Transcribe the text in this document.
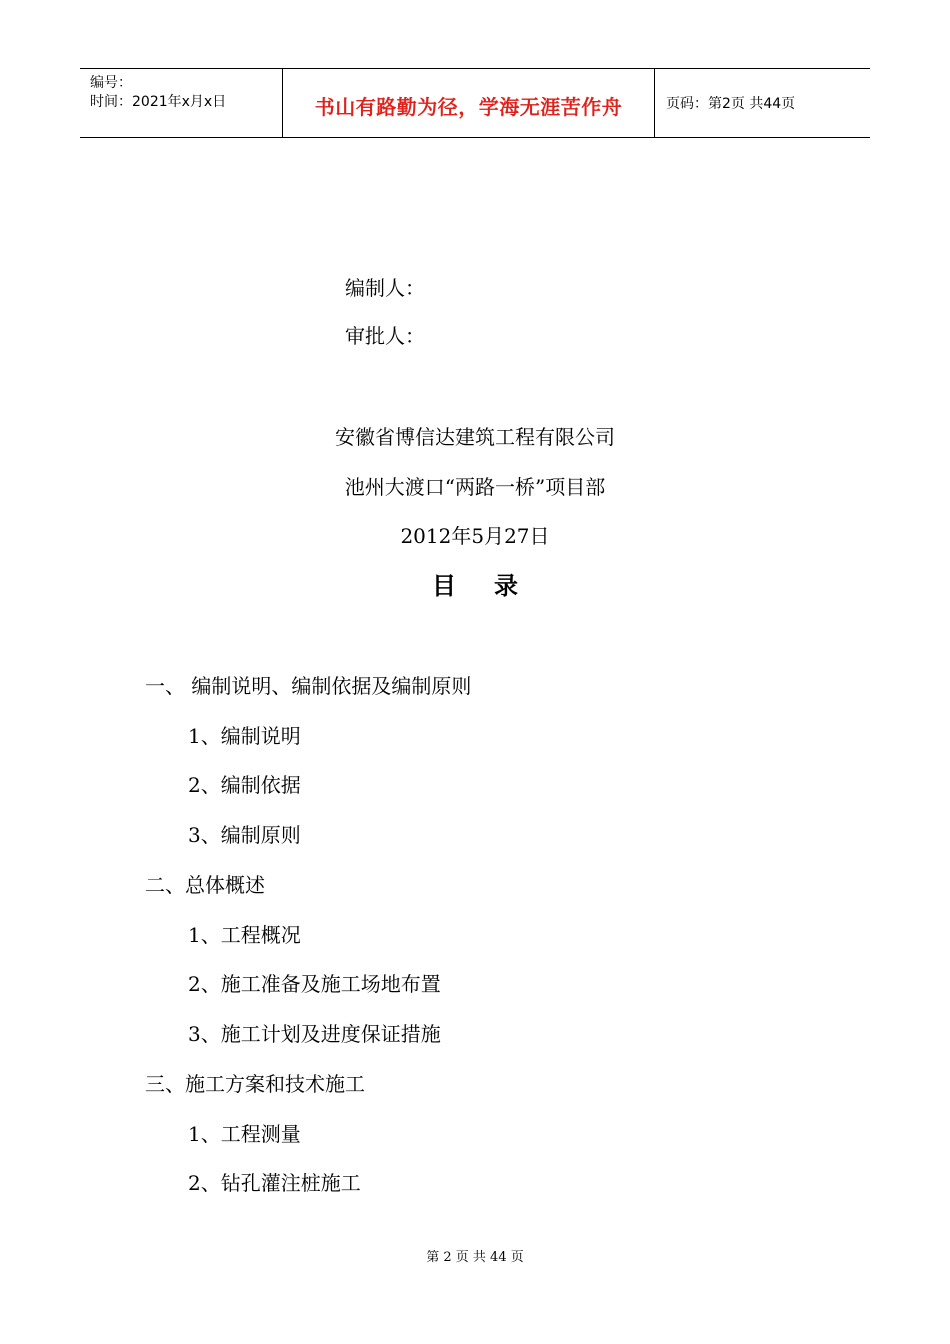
编号：
时间：2021年x月x日	书山有路勤为径，学海无涯苦作舟	页码：第2页 共44页
编制人：
审批人：
安徽省博信达建筑工程有限公司
池州大渡口“两路一桥”项目部
2012年5月27日
目 录
一、 编制说明、编制依据及编制原则
1、编制说明
2、编制依据
3、编制原则
二、总体概述
1、工程概况
2、施工准备及施工场地布置
3、施工计划及进度保证措施
三、施工方案和技术施工
1、工程测量
2、钻孔灌注桩施工
第 2 页 共 44 页
